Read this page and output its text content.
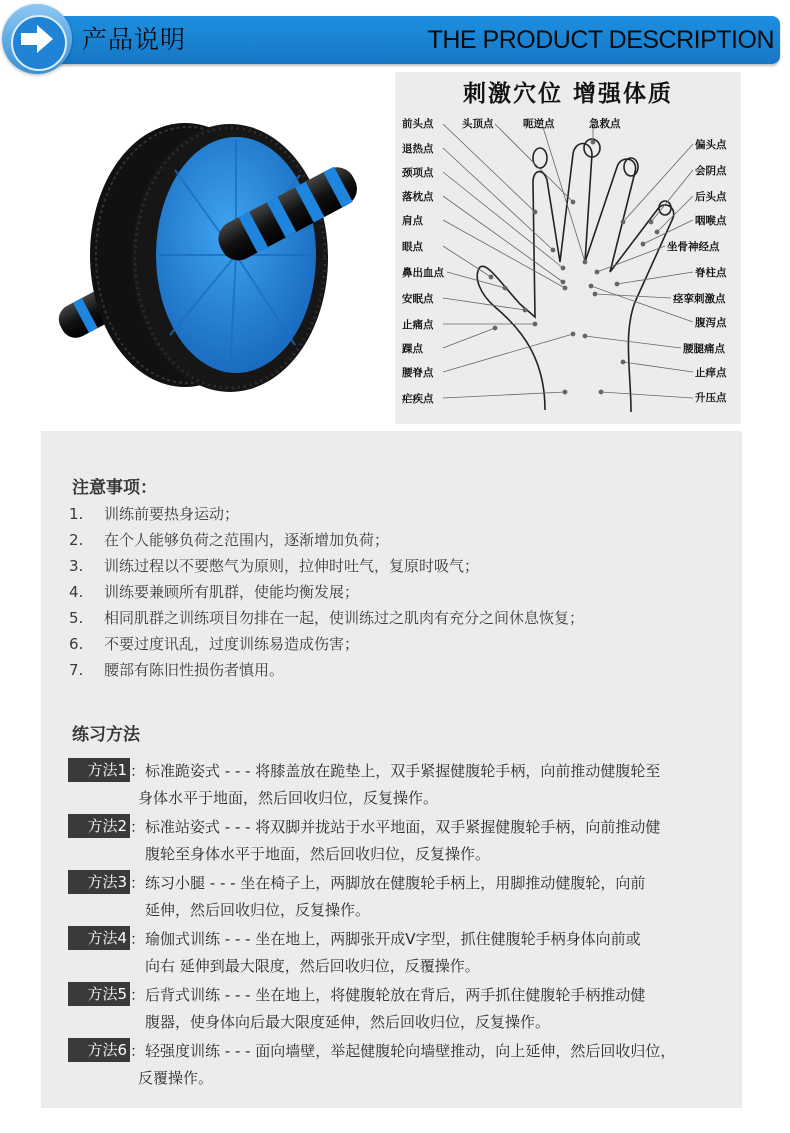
产品说明	THE PRODUCT DESCRIPTION
刺激穴位 增强体质
前头点	头顶点	呃逆点	急救点
退热点
颈项点
落枕点
肩点
眼点
鼻出血点
安眠点
止痛点
踝点
腰脊点
疟疾点
偏头点
会阴点
后头点
咽喉点
坐骨神经点
脊柱点
痉挛刺激点
腹泻点
腰腿痛点
止痒点
升压点
注意事项：
1. 训练前要热身运动；
2. 在个人能够负荷之范围内，逐渐增加负荷；
3. 训练过程以不要憋气为原则，拉伸时吐气，复原时吸气；
4. 训练要兼顾所有肌群，使能均衡发展；
5. 相同肌群之训练项目勿排在一起，使训练过之肌肉有充分之间休息恢复；
6. 不要过度讯乱，过度训练易造成伤害；
7. 腰部有陈旧性损伤者慎用。
练习方法
方法1 ：标准跪姿式 - - - 将膝盖放在跪垫上，双手紧握健腹轮手柄，向前推动健腹轮至
身体水平于地面，然后回收归位，反复操作。
方法2 ：标准站姿式 - - - 将双脚并拢站于水平地面，双手紧握健腹轮手柄，向前推动健
腹轮至身体水平于地面，然后回收归位，反复操作。
方法3 ：练习小腿 - - - 坐在椅子上，两脚放在健腹轮手柄上，用脚推动健腹轮，向前
延伸，然后回收归位，反复操作。
方法4 ：瑜伽式训练 - - - 坐在地上，两脚张开成V字型，抓住健腹轮手柄身体向前或
向右 延伸到最大限度，然后回收归位，反覆操作。
方法5 ：后背式训练 - - - 坐在地上，将健腹轮放在背后，两手抓住健腹轮手柄推动健
腹器，使身体向后最大限度延伸，然后回收归位，反复操作。
方法6 ：轻强度训练 - - - 面向墙壁，举起健腹轮向墙壁推动，向上延伸，然后回收归位，
反覆操作。
